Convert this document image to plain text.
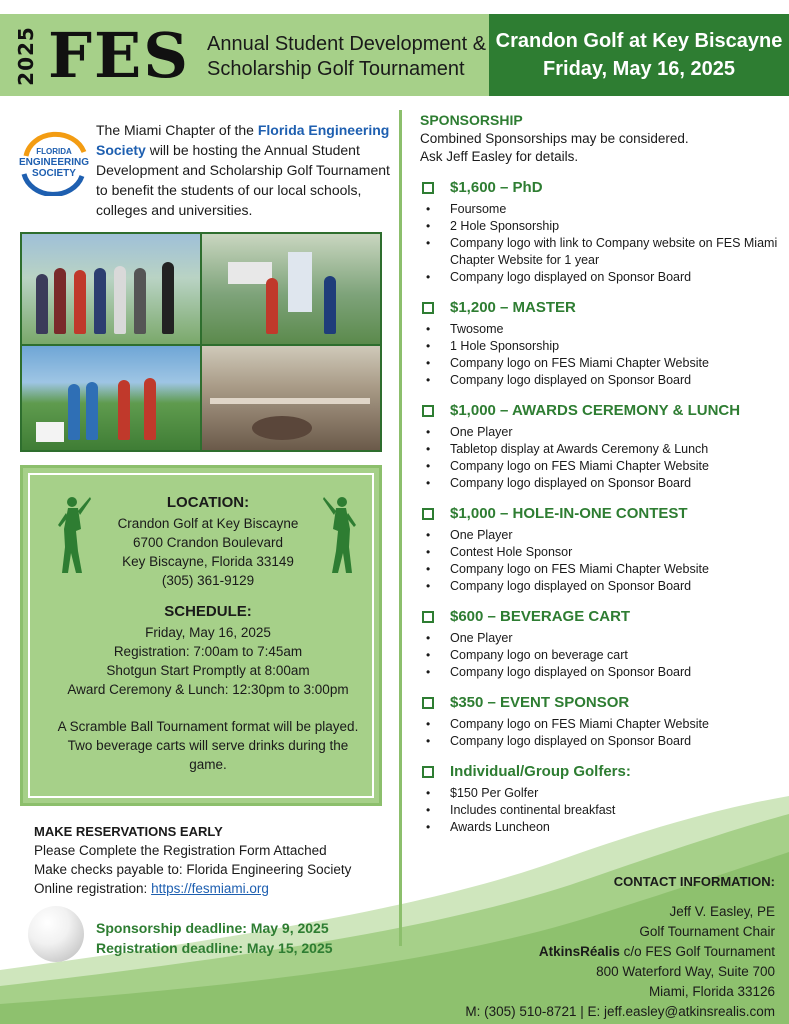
2025 FES Annual Student Development &
Scholarship Golf Tournament
Crandon Golf at Key Biscayne
Friday, May 16, 2025
FLORIDA
ENGINEERING
SOCIETY

The Miami Chapter of the Florida Engineering Society will be hosting the Annual Student Development and Scholarship Golf Tournament to benefit the students of our local schools, colleges and universities.

LOCATION:
Crandon Golf at Key Biscayne
6700 Crandon Boulevard
Key Biscayne, Florida 33149
(305) 361-9129
SCHEDULE:
Friday, May 16, 2025
Registration: 7:00am to 7:45am
Shotgun Start Promptly at 8:00am
Award Ceremony & Lunch: 12:30pm to 3:00pm
A Scramble Ball Tournament format will be played. Two beverage carts will serve drinks during the game.
MAKE RESERVATIONS EARLY
Please Complete the Registration Form Attached
Make checks payable to: Florida Engineering Society
Online registration: https://fesmiami.org
Sponsorship deadline: May 9, 2025
Registration deadline: May 15, 2025
SPONSORSHIP
Combined Sponsorships may be considered.
Ask Jeff Easley for details.
$1,600 – PhD
• Foursome
• 2 Hole Sponsorship
• Company logo with link to Company website on FES Miami Chapter Website for 1 year
• Company logo displayed on Sponsor Board
$1,200 – MASTER
• Twosome
• 1 Hole Sponsorship
• Company logo on FES Miami Chapter Website
• Company logo displayed on Sponsor Board
$1,000 – AWARDS CEREMONY & LUNCH
• One Player
• Tabletop display at Awards Ceremony & Lunch
• Company logo on FES Miami Chapter Website
• Company logo displayed on Sponsor Board
$1,000 – HOLE-IN-ONE CONTEST
• One Player
• Contest Hole Sponsor
• Company logo on FES Miami Chapter Website
• Company logo displayed on Sponsor Board
$600 – BEVERAGE CART
• One Player
• Company logo on beverage cart
• Company logo displayed on Sponsor Board
$350 – EVENT SPONSOR
• Company logo on FES Miami Chapter Website
• Company logo displayed on Sponsor Board
Individual/Group Golfers:
• $150 Per Golfer
• Includes continental breakfast
• Awards Luncheon
CONTACT INFORMATION:
Jeff V. Easley, PE
Golf Tournament Chair
AtkinsRéalis c/o FES Golf Tournament
800 Waterford Way, Suite 700
Miami, Florida 33126
M: (305) 510-8721 | E: jeff.easley@atkinsrealis.com
